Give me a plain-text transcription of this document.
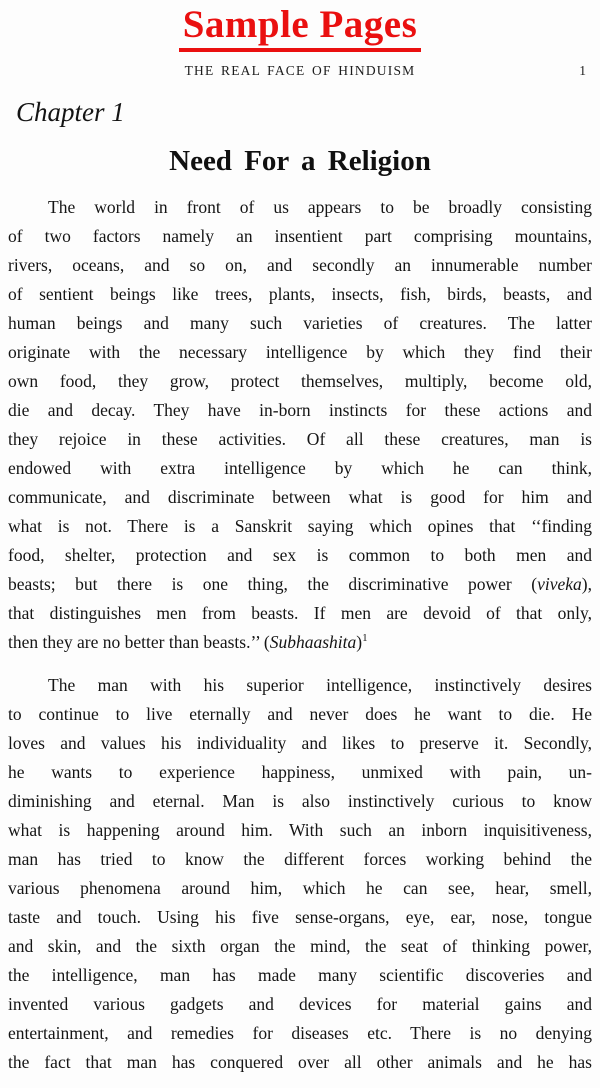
Sample Pages
THE REAL FACE OF HINDUISM	1
Chapter 1
Need For a Religion
The world in front of us appears to be broadly consisting
of two factors namely an insentient part comprising mountains,
rivers, oceans, and so on, and secondly an innumerable number
of sentient beings like trees, plants, insects, fish, birds, beasts, and
human beings and many such varieties of creatures. The latter
originate with the necessary intelligence by which they find their
own food, they grow, protect themselves, multiply, become old,
die and decay. They have in-born instincts for these actions and
they rejoice in these activities. Of all these creatures, man is
endowed with extra intelligence by which he can think,
communicate, and discriminate between what is good for him and
what is not. There is a Sanskrit saying which opines that ‘‘finding
food, shelter, protection and sex is common to both men and
beasts; but there is one thing, the discriminative power (viveka),
that distinguishes men from beasts. If men are devoid of that only,
then they are no better than beasts.’’ (Subhaashita)$^1$
The man with his superior intelligence, instinctively desires
to continue to live eternally and never does he want to die. He
loves and values his individuality and likes to preserve it. Secondly,
he wants to experience happiness, unmixed with pain, un-
diminishing and eternal. Man is also instinctively curious to know
what is happening around him. With such an inborn inquisitiveness,
man has tried to know the different forces working behind the
various phenomena around him, which he can see, hear, smell,
taste and touch. Using his five sense-organs, eye, ear, nose, tongue
and skin, and the sixth organ the mind, the seat of thinking power,
the intelligence, man has made many scientific discoveries and
invented various gadgets and devices for material gains and
entertainment, and remedies for diseases etc. There is no denying
the fact that man has conquered over all other animals and he has
